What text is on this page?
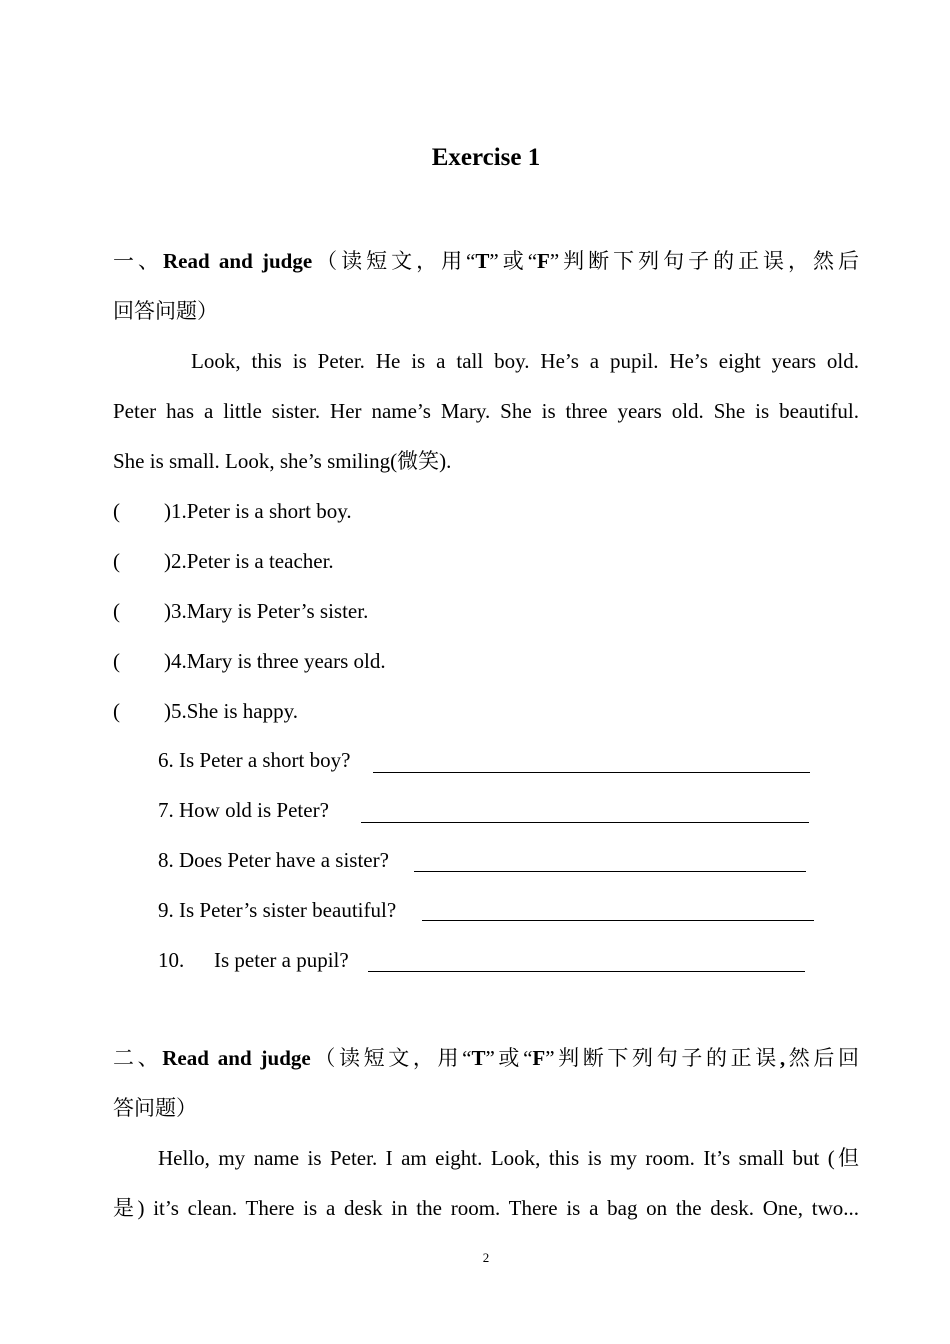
Exercise 1
一、Read and judge（读短文，用“T”或“F”判断下列句子的正误，然后
回答问题）
Look, this is Peter. He is a tall boy. He’s a pupil. He’s eight years old.
Peter has a little sister. Her name’s Mary. She is three years old. She is beautiful.
She is small. Look, she’s smiling(微笑).
( )1.Peter is a short boy.
( )2.Peter is a teacher.
( )3.Mary is Peter’s sister.
( )4.Mary is three years old.
( )5.She is happy.
6. Is Peter a short boy?
7. How old is Peter?
8. Does Peter have a sister?
9. Is Peter’s sister beautiful?
10. Is peter a pupil?
二、Read and judge（读短文，用“T”或“F”判断下列句子的正误,然后回
答问题）
Hello, my name is Peter. I am eight. Look, this is my room. It’s small but (但
是) it’s clean. There is a desk in the room. There is a bag on the desk. One, two...
2
